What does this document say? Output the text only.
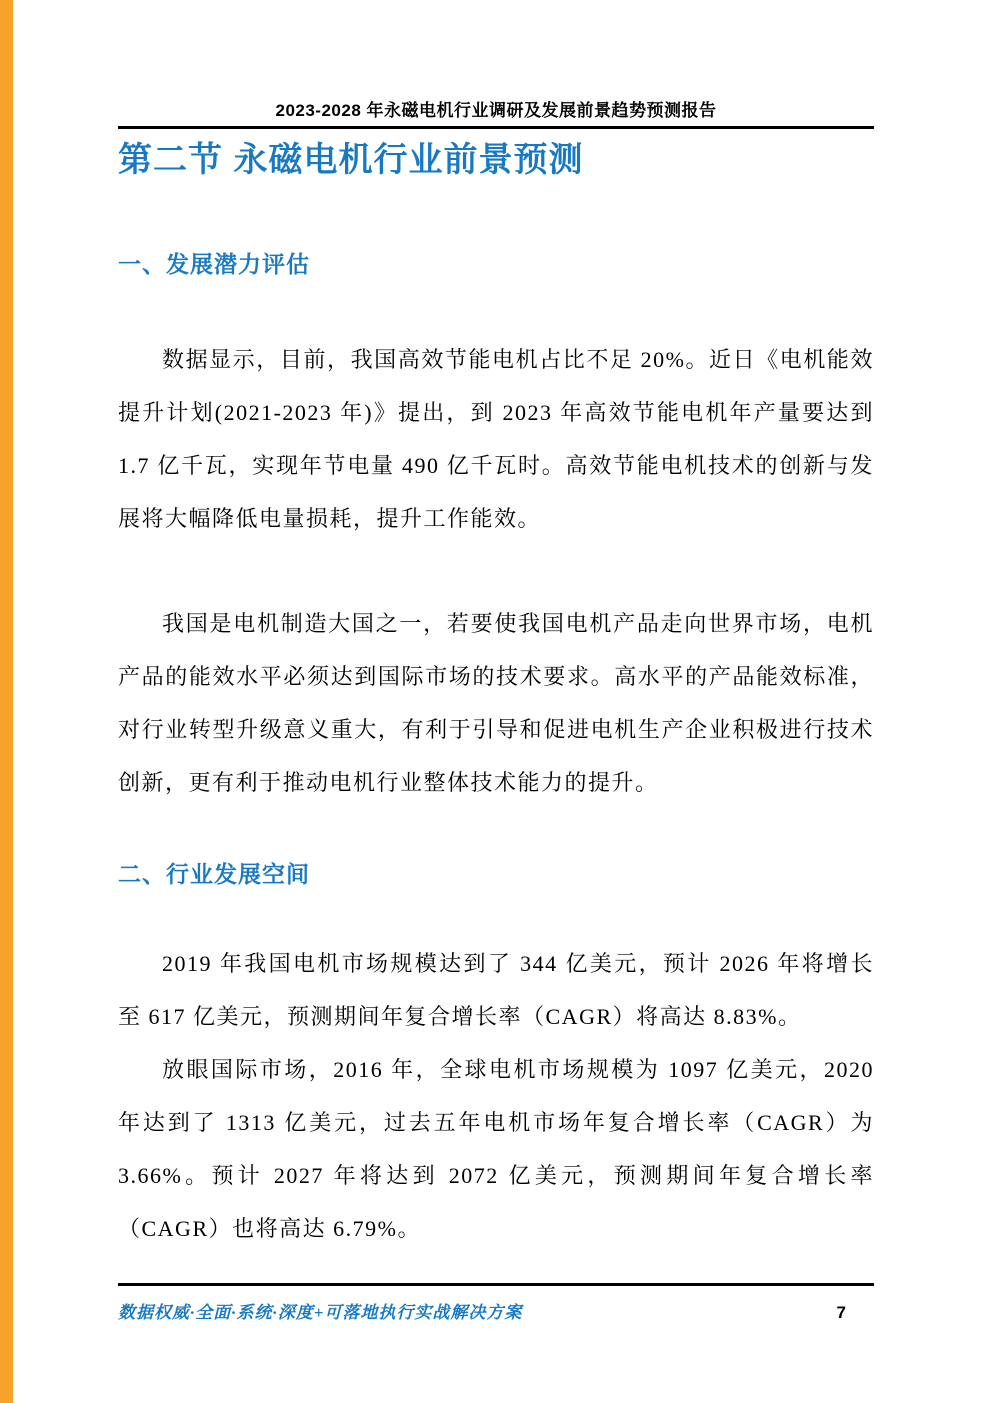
2023-2028 年永磁电机行业调研及发展前景趋势预测报告
第二节 永磁电机行业前景预测
一、发展潜力评估

数据显示，目前，我国高效节能电机占比不足 20%。近日《电机能效提升计划(2021-2023 年)》提出，到 2023 年高效节能电机年产量要达到 1.7 亿千瓦，实现年节电量 490 亿千瓦时。高效节能电机技术的创新与发展将大幅降低电量损耗，提升工作能效。

我国是电机制造大国之一，若要使我国电机产品走向世界市场，电机产品的能效水平必须达到国际市场的技术要求。高水平的产品能效标准，对行业转型升级意义重大，有利于引导和促进电机生产企业积极进行技术创新，更有利于推动电机行业整体技术能力的提升。

二、行业发展空间

2019 年我国电机市场规模达到了 344 亿美元，预计 2026 年将增长至 617 亿美元，预测期间年复合增长率（CAGR）将高达 8.83%。

放眼国际市场，2016 年，全球电机市场规模为 1097 亿美元，2020 年达到了 1313 亿美元，过去五年电机市场年复合增长率（CAGR）为 3.66%。预计 2027 年将达到 2072 亿美元，预测期间年复合增长率（CAGR）也将高达 6.79%。

数据权威·全面·系统·深度+可落地执行实战解决方案	7
